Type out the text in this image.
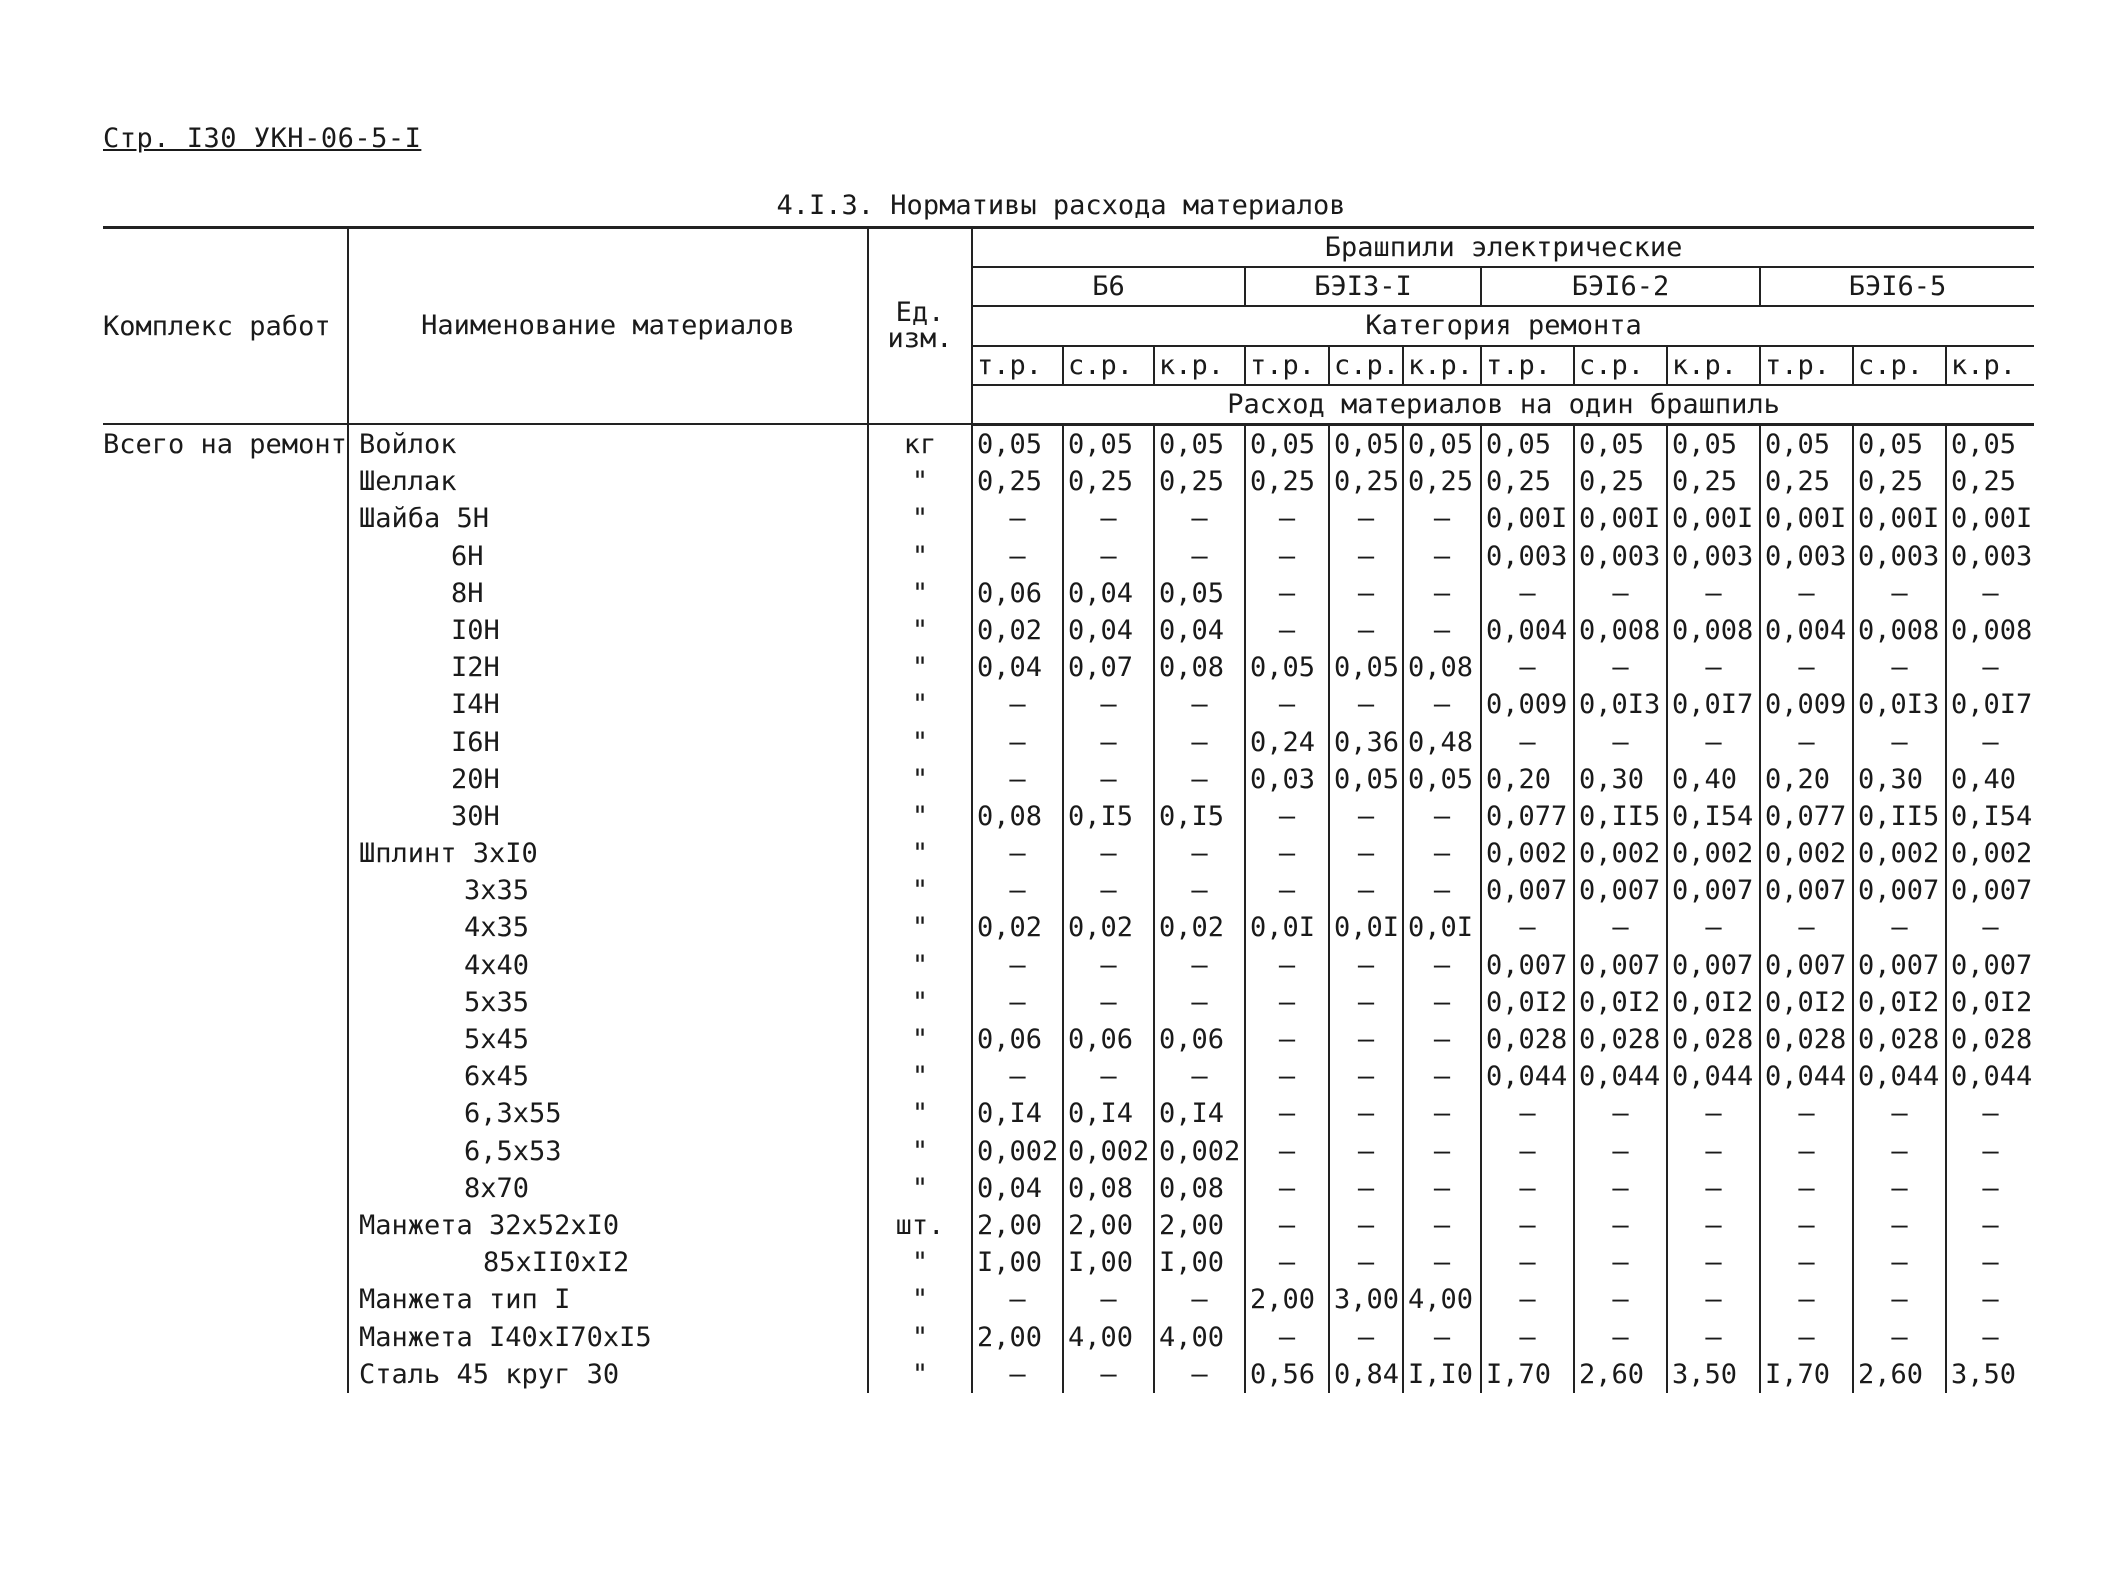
Стр. I30 УКН-06-5-I
4.I.3. Нормативы расхода материалов
Комплекс работ	Наименование материалов	Ед. изм.	Брашпили электрические											
			Б6			БЭI3-I			БЭI6-2			БЭI6-5		
			Категория ремонта											
			т.р.	с.р.	к.р.	т.р.	с.р.	к.р.	т.р.	с.р.	к.р.	т.р.	с.р.	к.р.
			Расход материалов на один брашпиль											
Всего на ремонт	Войлок	кг	0,05	0,05	0,05	0,05	0,05	0,05	0,05	0,05	0,05	0,05	0,05	0,05
	Шеллак	"	0,25	0,25	0,25	0,25	0,25	0,25	0,25	0,25	0,25	0,25	0,25	0,25
	Шайба 5Н	"	–	–	–	–	–	–	0,00I	0,00I	0,00I	0,00I	0,00I	0,00I
	6Н	"	–	–	–	–	–	–	0,003	0,003	0,003	0,003	0,003	0,003
	8Н	"	0,06	0,04	0,05	–	–	–	–	–	–	–	–	–
	I0Н	"	0,02	0,04	0,04	–	–	–	0,004	0,008	0,008	0,004	0,008	0,008
	I2Н	"	0,04	0,07	0,08	0,05	0,05	0,08	–	–	–	–	–	–
	I4Н	"	–	–	–	–	–	–	0,009	0,0I3	0,0I7	0,009	0,0I3	0,0I7
	I6Н	"	–	–	–	0,24	0,36	0,48	–	–	–	–	–	–
	20Н	"	–	–	–	0,03	0,05	0,05	0,20	0,30	0,40	0,20	0,30	0,40
	30Н	"	0,08	0,I5	0,I5	–	–	–	0,077	0,II5	0,I54	0,077	0,II5	0,I54
	Шплинт 3хI0	"	–	–	–	–	–	–	0,002	0,002	0,002	0,002	0,002	0,002
	3х35	"	–	–	–	–	–	–	0,007	0,007	0,007	0,007	0,007	0,007
	4х35	"	0,02	0,02	0,02	0,0I	0,0I	0,0I	–	–	–	–	–	–
	4х40	"	–	–	–	–	–	–	0,007	0,007	0,007	0,007	0,007	0,007
	5х35	"	–	–	–	–	–	–	0,0I2	0,0I2	0,0I2	0,0I2	0,0I2	0,0I2
	5х45	"	0,06	0,06	0,06	–	–	–	0,028	0,028	0,028	0,028	0,028	0,028
	6х45	"	–	–	–	–	–	–	0,044	0,044	0,044	0,044	0,044	0,044
	6,3х55	"	0,I4	0,I4	0,I4	–	–	–	–	–	–	–	–	–
	6,5х53	"	0,002	0,002	0,002	–	–	–	–	–	–	–	–	–
	8х70	"	0,04	0,08	0,08	–	–	–	–	–	–	–	–	–
	Манжета 32х52хI0	шт.	2,00	2,00	2,00	–	–	–	–	–	–	–	–	–
	85хII0хI2	"	I,00	I,00	I,00	–	–	–	–	–	–	–	–	–
	Манжета тип I	"	–	–	–	2,00	3,00	4,00	–	–	–	–	–	–
	Манжета I40хI70хI5	"	2,00	4,00	4,00	–	–	–	–	–	–	–	–	–
	Сталь 45 круг 30	"	–	–	–	0,56	0,84	I,I0	I,70	2,60	3,50	I,70	2,60	3,50
